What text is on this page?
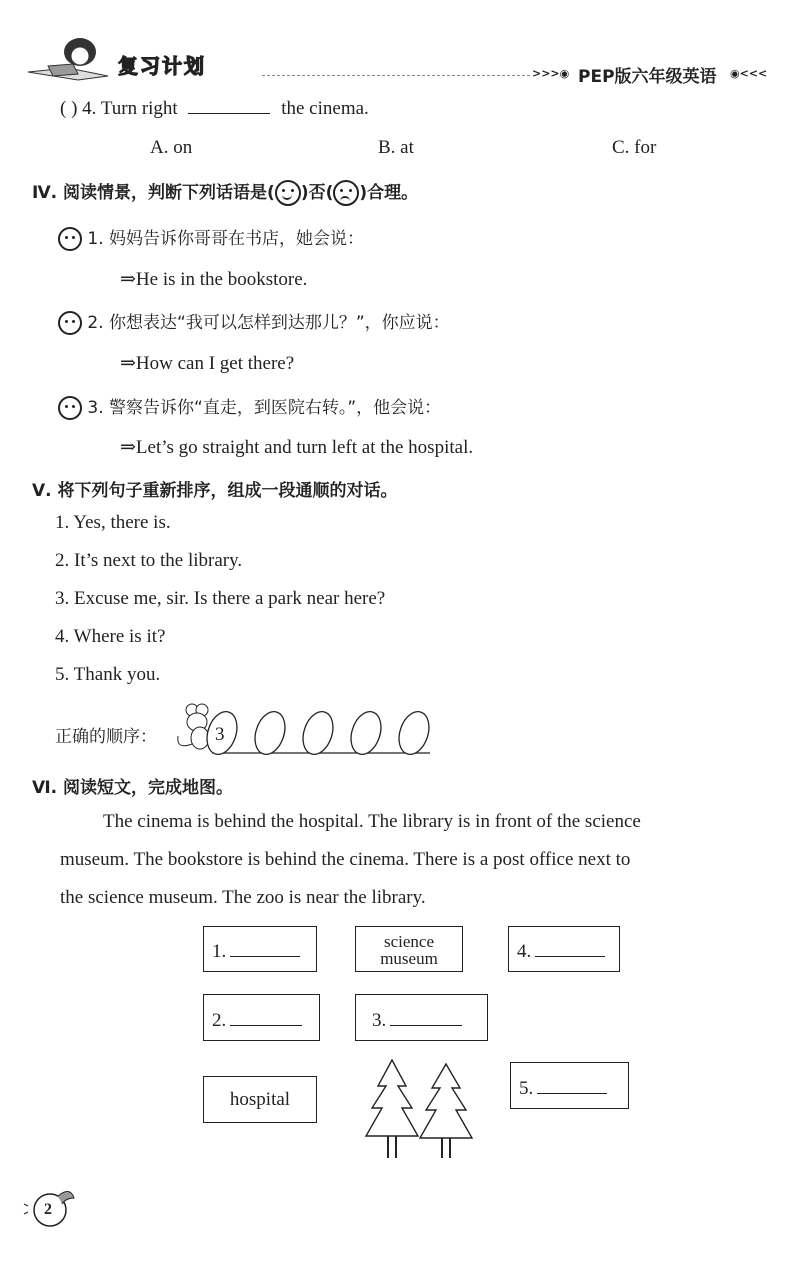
复习计划	>>>◉ PEP版六年级英语 ◉<<<
( ) 4. Turn right	the cinema.
A. on	B. at	C. for
Ⅳ. 阅读情景，判断下列话语是( )否( )合理。
1. 妈妈告诉你哥哥在书店，她会说：
⇒He is in the bookstore.
2. 你想表达“我可以怎样到达那儿？”，你应说：
⇒How can I get there?
3. 警察告诉你“直走，到医院右转。”，他会说：
⇒Let’s go straight and turn left at the hospital.
Ⅴ. 将下列句子重新排序，组成一段通顺的对话。
1. Yes, there is.
2. It’s next to the library.
3. Excuse me, sir. Is there a park near here?
4. Where is it?
5. Thank you.
正确的顺序：	3
Ⅵ. 阅读短文，完成地图。
The cinema is behind the hospital. The library is in front of the science
museum. The bookstore is behind the cinema. There is a post office next to
the science museum. The zoo is near the library.
1.	science
museum	4.
2.	3.
hospital
5.
2
